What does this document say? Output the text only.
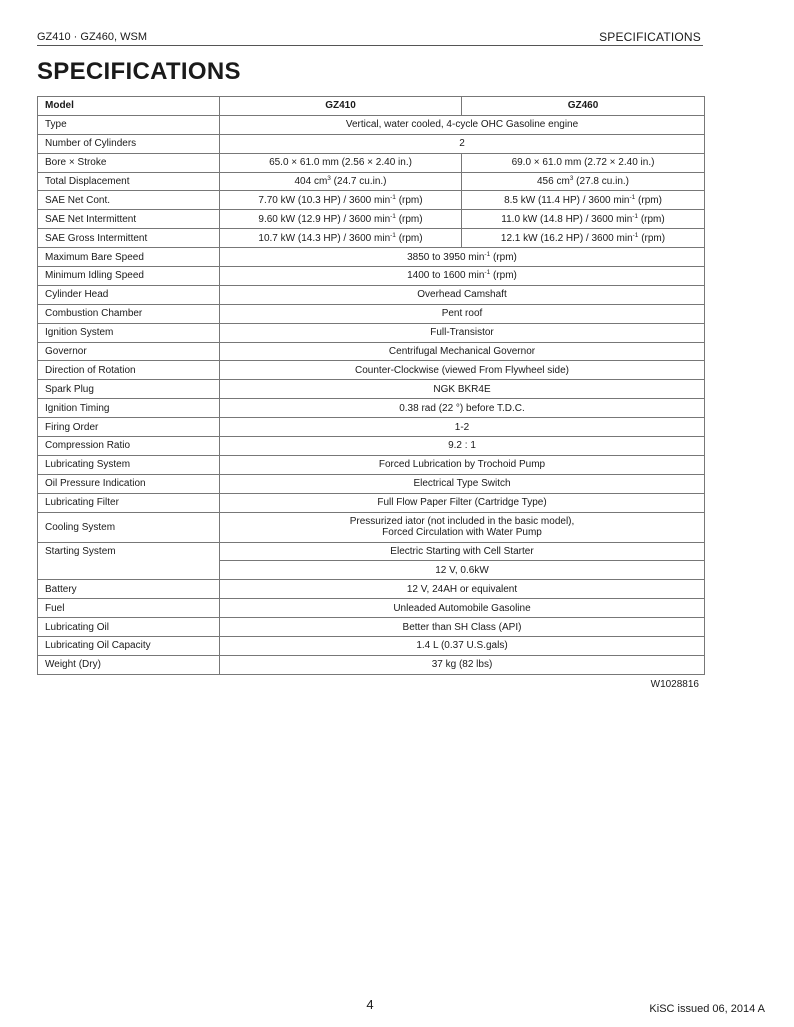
GZ410 · GZ460, WSM	SPECIFICATIONS
SPECIFICATIONS
Model	GZ410	GZ460
Type	Vertical, water cooled, 4-cycle OHC Gasoline engine	
Number of Cylinders	2	
Bore × Stroke	65.0 × 61.0 mm (2.56 × 2.40 in.)	69.0 × 61.0 mm (2.72 × 2.40 in.)
Total Displacement	404 $cm^3$ (24.7 cu.in.)	456 $cm^3$ (27.8 cu.in.)
SAE Net Cont.	7.70 kW (10.3 HP) / 3600 $\min^{-1} (rpm)$	8.5 kW (11.4 HP) / 3600 $\min^{-1} (rpm)$
SAE Net Intermittent	9.60 kW (12.9 HP) / 3600 $\min^{-1} (rpm)$	11.0 kW (14.8 HP) / 3600 $\min^{-1} (rpm)$
SAE Gross Intermittent	10.7 kW (14.3 HP) / 3600 $\min^{-1} (rpm)$	12.1 kW (16.2 HP) / 3600 $\min^{-1} (rpm)$
Maximum Bare Speed	3850 to 3950 $\min^{-1} (rpm)$	
Minimum Idling Speed	1400 to 1600 $\min^{-1} (rpm)$	
Cylinder Head	Overhead Camshaft	
Combustion Chamber	Pent roof	
Ignition System	Full-Transistor	
Governor	Centrifugal Mechanical Governor	
Direction of Rotation	Counter-Clockwise (viewed From Flywheel side)	
Spark Plug	NGK BKR4E	
Ignition Timing	0.38 rad (22 °) before T.D.C.	
Firing Order	1-2	
Compression Ratio	9.2 : 1	
Lubricating System	Forced Lubrication by Trochoid Pump	
Oil Pressure Indication	Electrical Type Switch	
Lubricating Filter	Full Flow Paper Filter (Cartridge Type)	
Cooling System	Pressurized iator (not included in the basic model),
Forced Circulation with Water Pump	

Starting System	Electric Starting with Cell Starter	
	12 V, 0.6kW	
Battery	12 V, 24AH or equivalent	
Fuel	Unleaded Automobile Gasoline	
Lubricating Oil	Better than SH Class (API)	
Lubricating Oil Capacity	1.4 L (0.37 U.S.gals)	
Weight (Dry)	37 kg (82 lbs)	
W1028816
4	KiSC issued 06, 2014 A
